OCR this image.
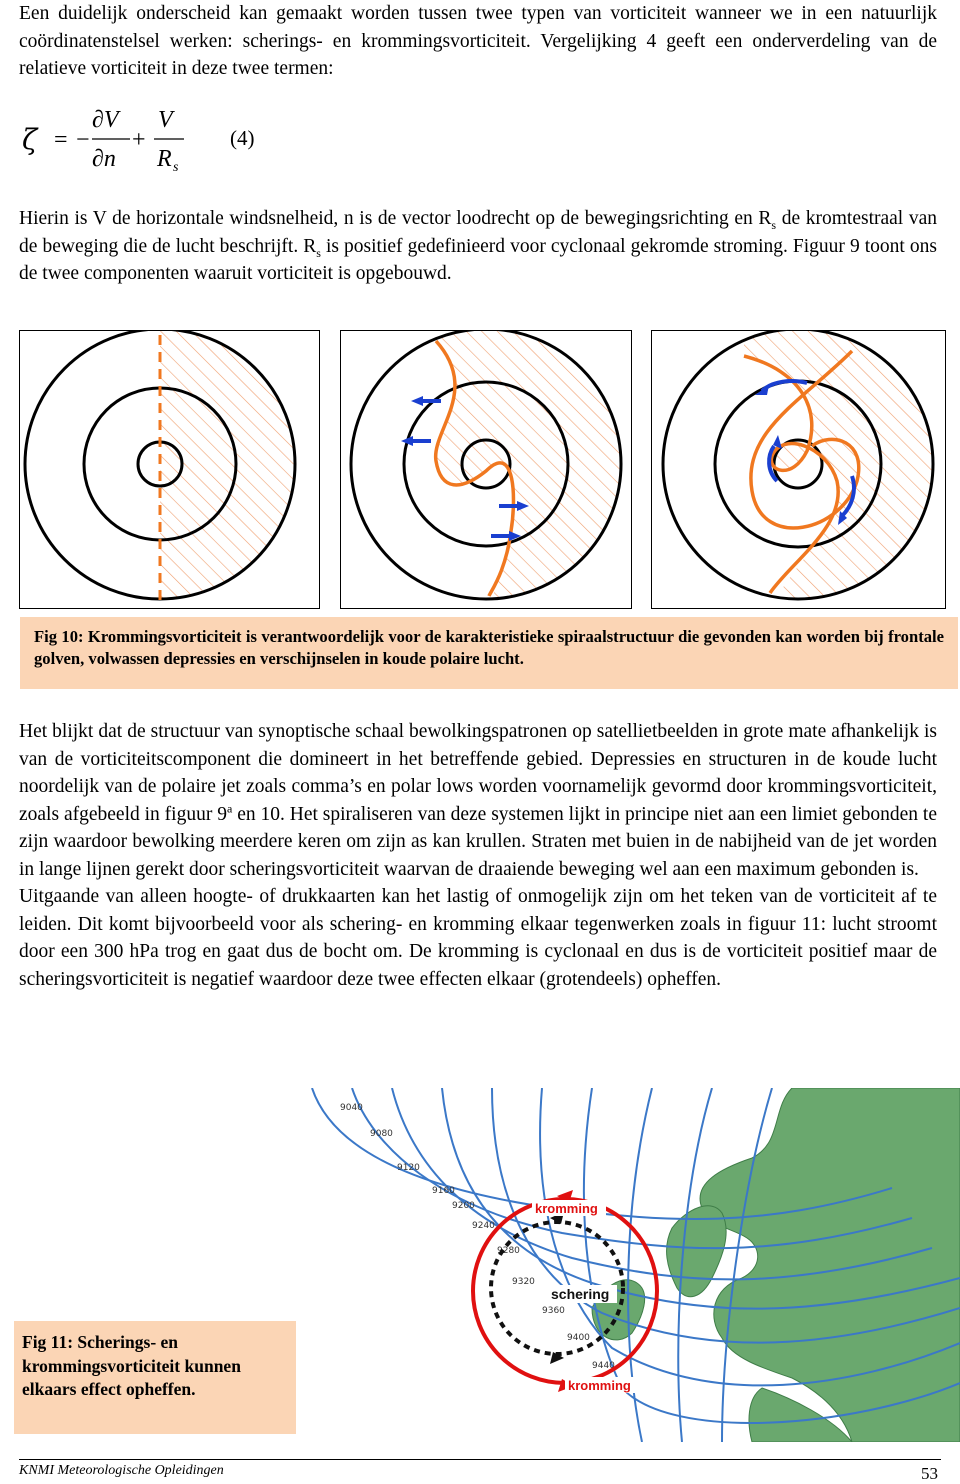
Een duidelijk onderscheid kan gemaakt worden tussen twee typen van vorticiteit wanneer we in een natuurlijk coördinatenstelsel werken: scherings- en krommingsvorticiteit. Vergelijking 4 geeft een onderverdeling van de relatieve vorticiteit in deze twee termen:

ζ = −
∂V
∂n
+
V
R s
(4)

Hierin is V de horizontale windsnelheid, n is de vector loodrecht op de bewegingsrichting en $R_s$ de kromtestraal van de beweging die de lucht beschrijft. $R_s$ is positief gedefinieerd voor cyclonaal gekromde stroming. Figuur 9 toont ons de twee componenten waaruit vorticiteit is opgebouwd.

Fig 10: Krommingsvorticiteit is verantwoordelijk voor de karakteristieke spiraalstructuur die gevonden kan worden bij frontale golven, volwassen depressies en verschijnselen in koude polaire lucht.

Het blijkt dat de structuur van synoptische schaal bewolkingspatronen op satellietbeelden in grote mate afhankelijk is van de vorticiteitscomponent die domineert in het betreffende gebied. Depressies en structuren in de koude lucht noordelijk van de polaire jet zoals comma’s en polar lows worden voornamelijk gevormd door krommingsvorticiteit, zoals afgebeeld in figuur 9$^a$ en 10. Het spiraliseren van deze systemen lijkt in principe niet aan een limiet gebonden te zijn waardoor bewolking meerdere keren om zijn as kan krullen. Straten met buien in de nabijheid van de jet worden in lange lijnen gerekt door scheringsvorticiteit waarvan de draaiende beweging wel aan een maximum gebonden is.

Uitgaande van alleen hoogte- of drukkaarten kan het lastig of onmogelijk zijn om het teken van de vorticiteit af te leiden. Dit komt bijvoorbeeld voor als schering- en kromming elkaar tegenwerken zoals in figuur 11: lucht stroomt door een 300 hPa trog en gaat dus de bocht om. De kromming is cyclonaal en dus is de vorticiteit positief maar de scheringsvorticiteit is negatief waardoor deze twee effecten elkaar (grotendeels) opheffen.

9040
9080
9120
9160
9200
9240
9280
9320
9360
9400
9440
kromming
schering
kromming
Fig 11: Scherings- en krommingsvorticiteit kunnen elkaars effect opheffen.
KNMI Meteorologische Opleidingen	53
